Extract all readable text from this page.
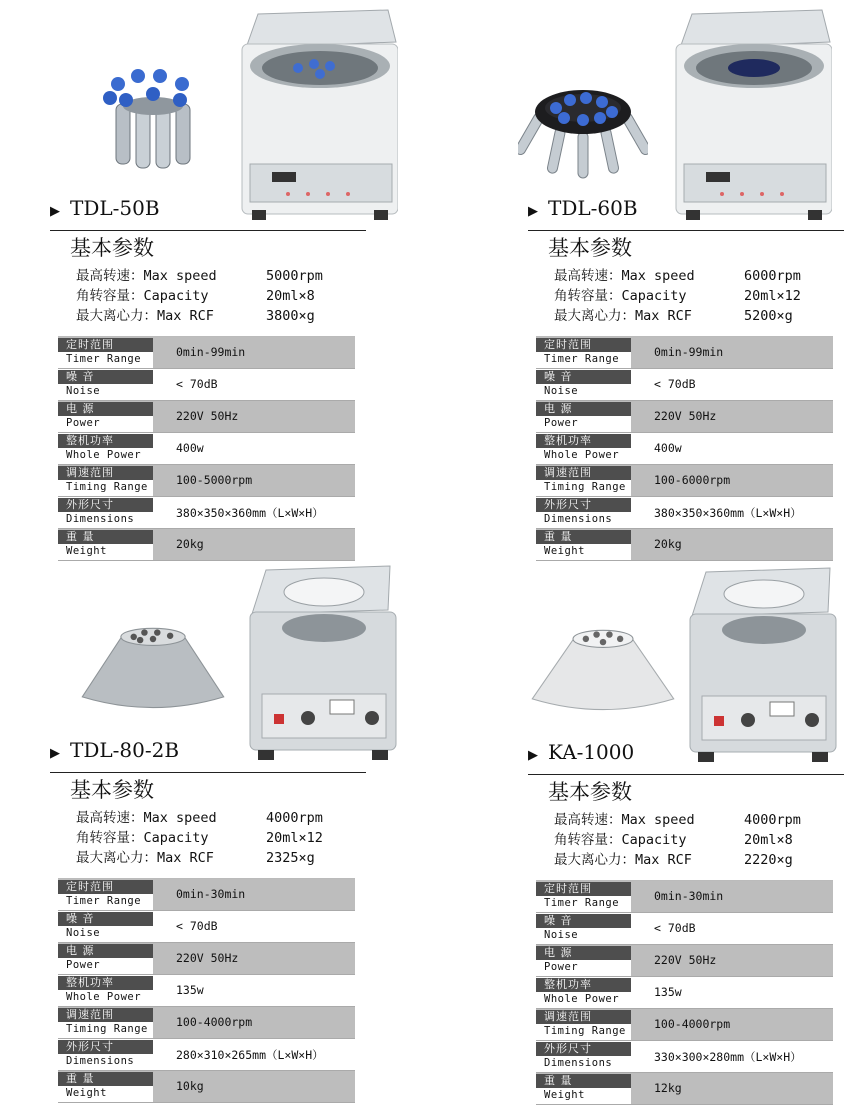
▶ TDL-50B
基本参数
最高转速：Max speed	5000rpm
角转容量：Capacity	20ml×8
最大离心力：Max RCF	3800×g
定时范围
Timer Range	0min-99min
噪 音
Noise	< 70dB
电 源
Power	220V 50Hz
整机功率
Whole Power	400w
调速范围
Timing Range 100-5000rpm
外形尺寸
Dimensions	380×350×360mm（L×W×H）
重 量
Weight	20kg
▶ TDL-60B
基本参数
最高转速：Max speed	6000rpm
角转容量：Capacity	20ml×12
最大离心力：Max RCF	5200×g
定时范围
Timer Range	0min-99min
噪 音
Noise	< 70dB
电 源
Power	220V 50Hz
整机功率
Whole Power	400w
调速范围
Timing Range 100-6000rpm
外形尺寸
Dimensions	380×350×360mm（L×W×H）
重 量
Weight	20kg
▶ TDL-80-2B
基本参数
最高转速：Max speed	4000rpm
角转容量：Capacity	20ml×12
最大离心力：Max RCF	2325×g
定时范围
Timer Range	0min-30min
噪 音
Noise	< 70dB
电 源
Power	220V 50Hz
整机功率
Whole Power	135w
调速范围
Timing Range 100-4000rpm
外形尺寸
Dimensions	280×310×265mm（L×W×H）
重 量
Weight	10kg
▶ KA-1000
基本参数
最高转速：Max speed	4000rpm
角转容量：Capacity	20ml×8
最大离心力：Max RCF	2220×g
定时范围
Timer Range	0min-30min
噪 音
Noise	< 70dB
电 源
Power	220V 50Hz
整机功率
Whole Power	135w
调速范围
Timing Range 100-4000rpm
外形尺寸
Dimensions	330×300×280mm（L×W×H）
重 量
Weight	12kg
